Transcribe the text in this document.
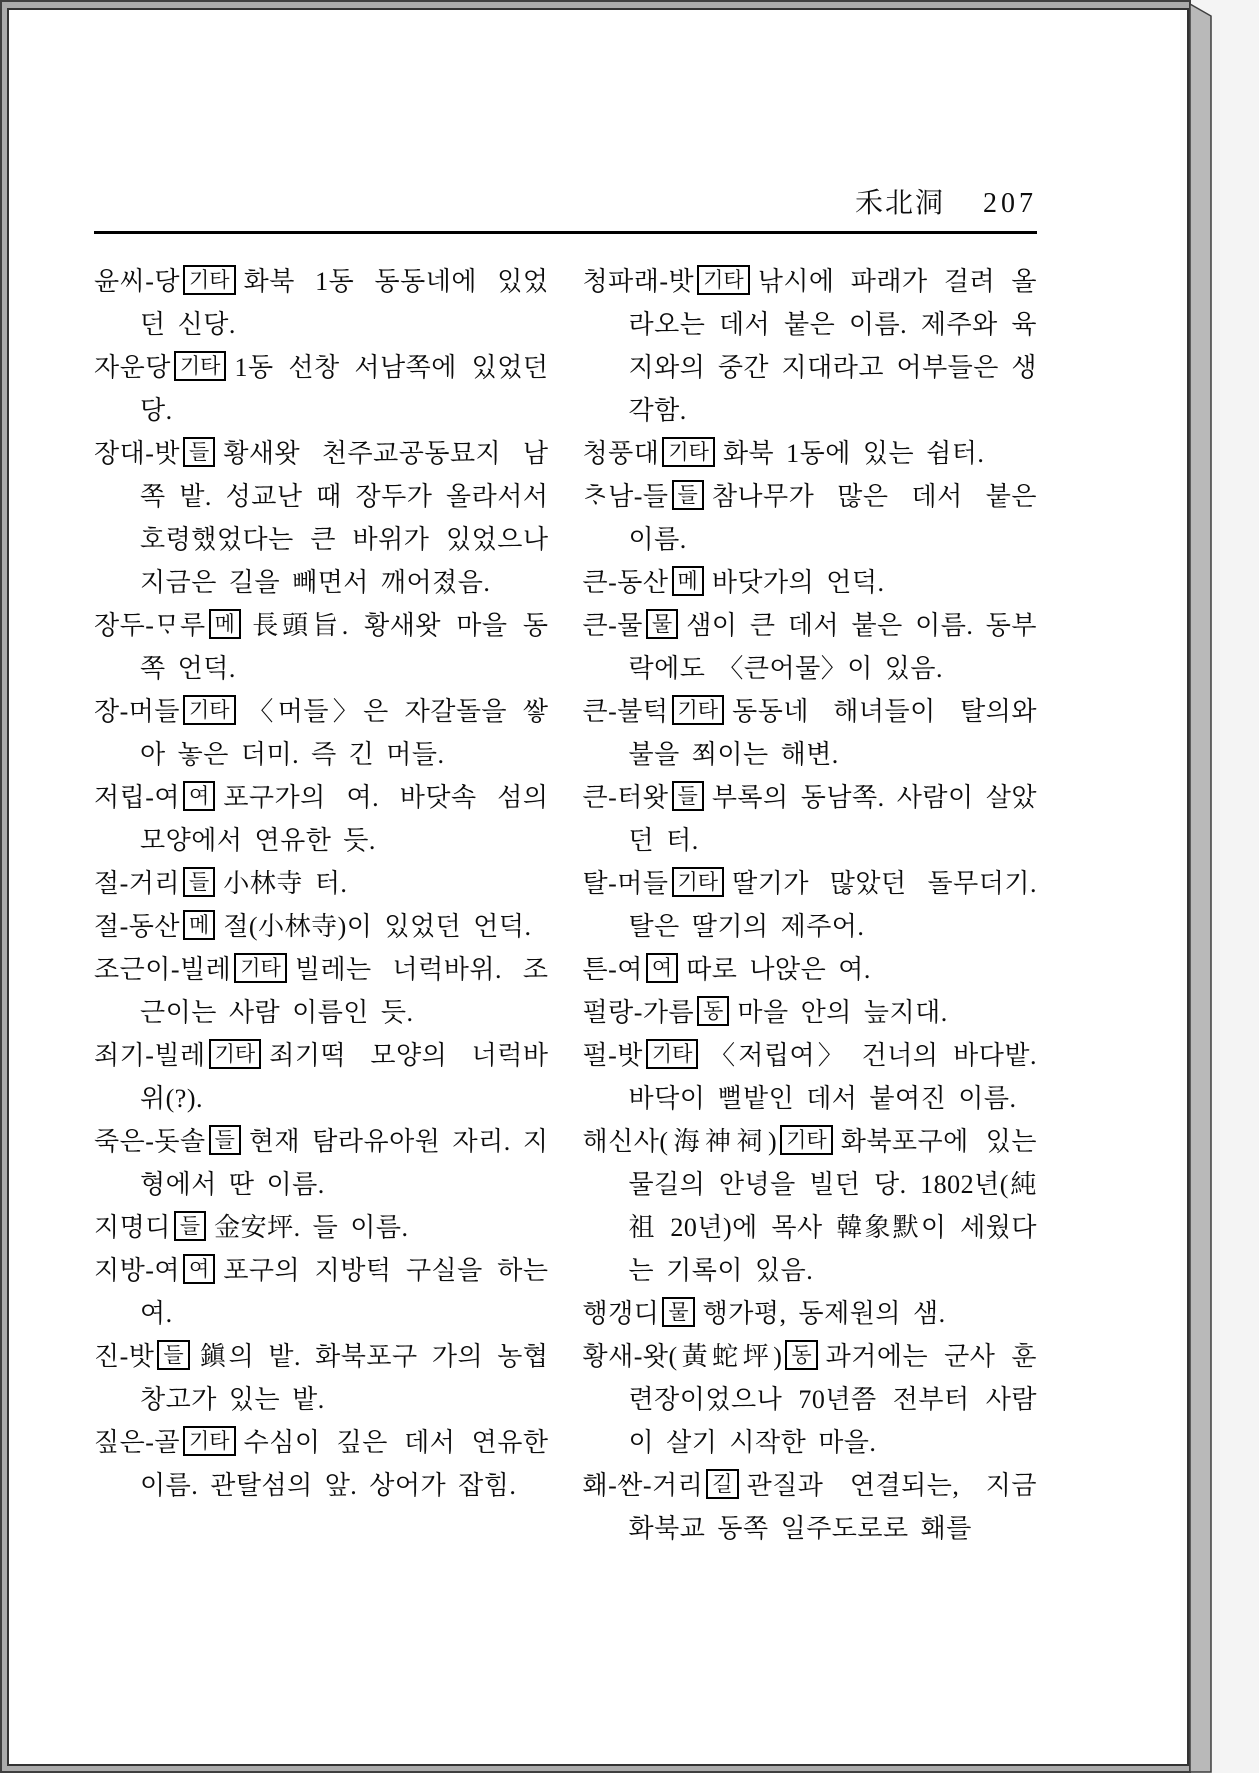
禾北洞 207

윤씨-당 기타 화북 1동 동동네에 있었던 신당.

자운당 기타 1동 선창 서남쪽에 있었던 당.

장대-밧 들 황새왓 천주교공동묘지 남쪽 밭. 성교난 때 장두가 올라서서 호령했었다는 큰 바위가 있었으나 지금은 길을 빼면서 깨어졌음.

장두-ᄆᆞ루 메 長頭旨. 황새왓 마을 동쪽 언덕.

장-머들 기타 〈머들〉은 자갈돌을 쌓아 놓은 더미. 즉 긴 머들.

저립-여 여 포구가의 여. 바닷속 섬의 모양에서 연유한 듯.

절-거리 들 小林寺 터.

절-동산 메 절(小林寺)이 있었던 언덕.

조근이-빌레 기타 빌레는 너럭바위. 조근이는 사람 이름인 듯.

죄기-빌레 기타 죄기떡 모양의 너럭바위(?).

죽은-돗솔 들 현재 탐라유아원 자리. 지형에서 딴 이름.

지명디 들 金安坪. 들 이름.

지방-여 여 포구의 지방턱 구실을 하는 여.

진-밧 들 鎭의 밭. 화북포구 가의 농협창고가 있는 밭.

짚은-골 기타 수심이 깊은 데서 연유한 이름. 관탈섬의 앞. 상어가 잡힘.

청파래-밧 기타 낚시에 파래가 걸려 올라오는 데서 붙은 이름. 제주와 육지와의 중간 지대라고 어부들은 생각함.

청풍대 기타 화북 1동에 있는 쉼터.

ᄎᆞ남-들 들 참나무가 많은 데서 붙은 이름.

큰-동산 메 바닷가의 언덕.

큰-물 물 샘이 큰 데서 붙은 이름. 동부락에도 〈큰어물〉이 있음.

큰-불턱 기타 동동네 해녀들이 탈의와 불을 쬐이는 해변.

큰-터왓 들 부록의 동남쪽. 사람이 살았던 터.

탈-머들 기타 딸기가 많았던 돌무더기. 탈은 딸기의 제주어.

튼-여 여 따로 나앉은 여.

펄랑-가름 동 마을 안의 늪지대.

펄-밧 기타 〈저립여〉 건너의 바다밭. 바닥이 뻘밭인 데서 붙여진 이름.

해신사(海神祠) 기타 화북포구에 있는 물길의 안녕을 빌던 당. 1802년(純祖 20년)에 목사 韓象默이 세웠다는 기록이 있음.

행갱디 물 행가평, 동제원의 샘.

황새-왓(黃蛇坪) 동 과거에는 군사 훈련장이었으나 70년쯤 전부터 사람이 살기 시작한 마을.

홰-싼-거리 길 관질과 연결되는, 지금 화북교 동쪽 일주도로로 홰를
